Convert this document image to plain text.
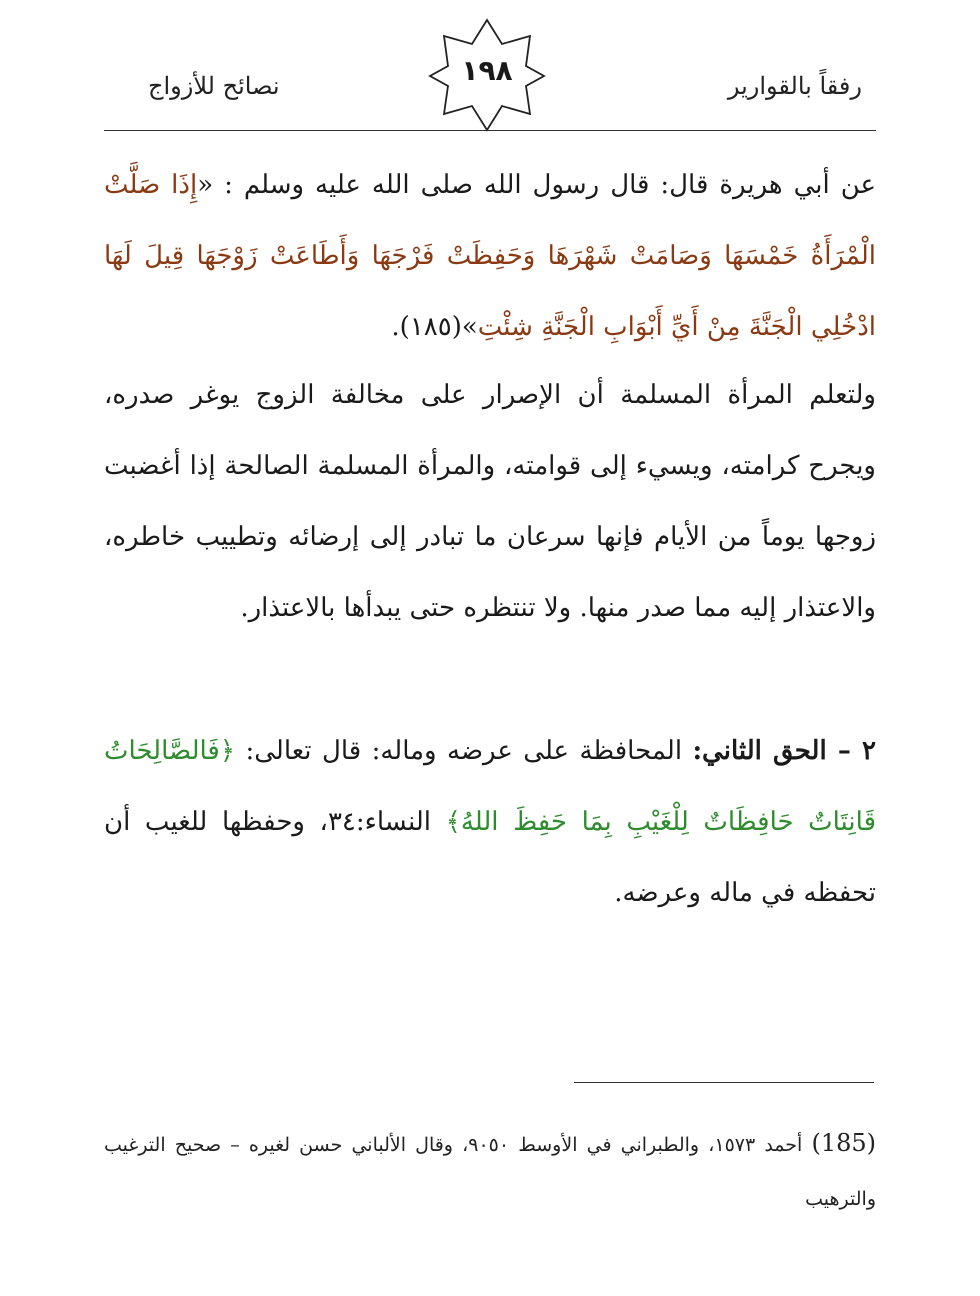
رفقاً بالقوارير
١٩٨
نصائح للأزواج
عن أبي هريرة قال: قال رسول الله صلى الله عليه وسلم : «إِذَا صَلَّتْ الْمْرَأَةُ خَمْسَهَا وَصَامَتْ شَهْرَهَا وَحَفِظَتْ فَرْجَهَا وَأَطَاعَتْ زَوْجَهَا قِيلَ لَهَا ادْخُلِي الْجَنَّةَ مِنْ أَيِّ أَبْوَابِ الْجَنَّةِ شِئْتِ»(١٨٥).
ولتعلم المرأة المسلمة أن الإصرار على مخالفة الزوج يوغر صدره، ويجرح كرامته، ويسيء إلى قوامته، والمرأة المسلمة الصالحة إذا أغضبت زوجها يوماً من الأيام فإنها سرعان ما تبادر إلى إرضائه وتطييب خاطره، والاعتذار إليه مما صدر منها. ولا تنتظره حتى يبدأها بالاعتذار.
٢ – الحق الثاني: المحافظة على عرضه وماله: قال تعالى: ﴿فَالصَّالِحَاتُ قَانِتَاتٌ حَافِظَاتٌ لِلْغَيْبِ بِمَا حَفِظَ اللهُ﴾ النساء:٣٤، وحفظها للغيب أن تحفظه في ماله وعرضه.
(185) أحمد ١٥٧٣، والطبراني في الأوسط ٩٠٥٠، وقال الألباني حسن لغيره – صحيح الترغيب والترهيب
